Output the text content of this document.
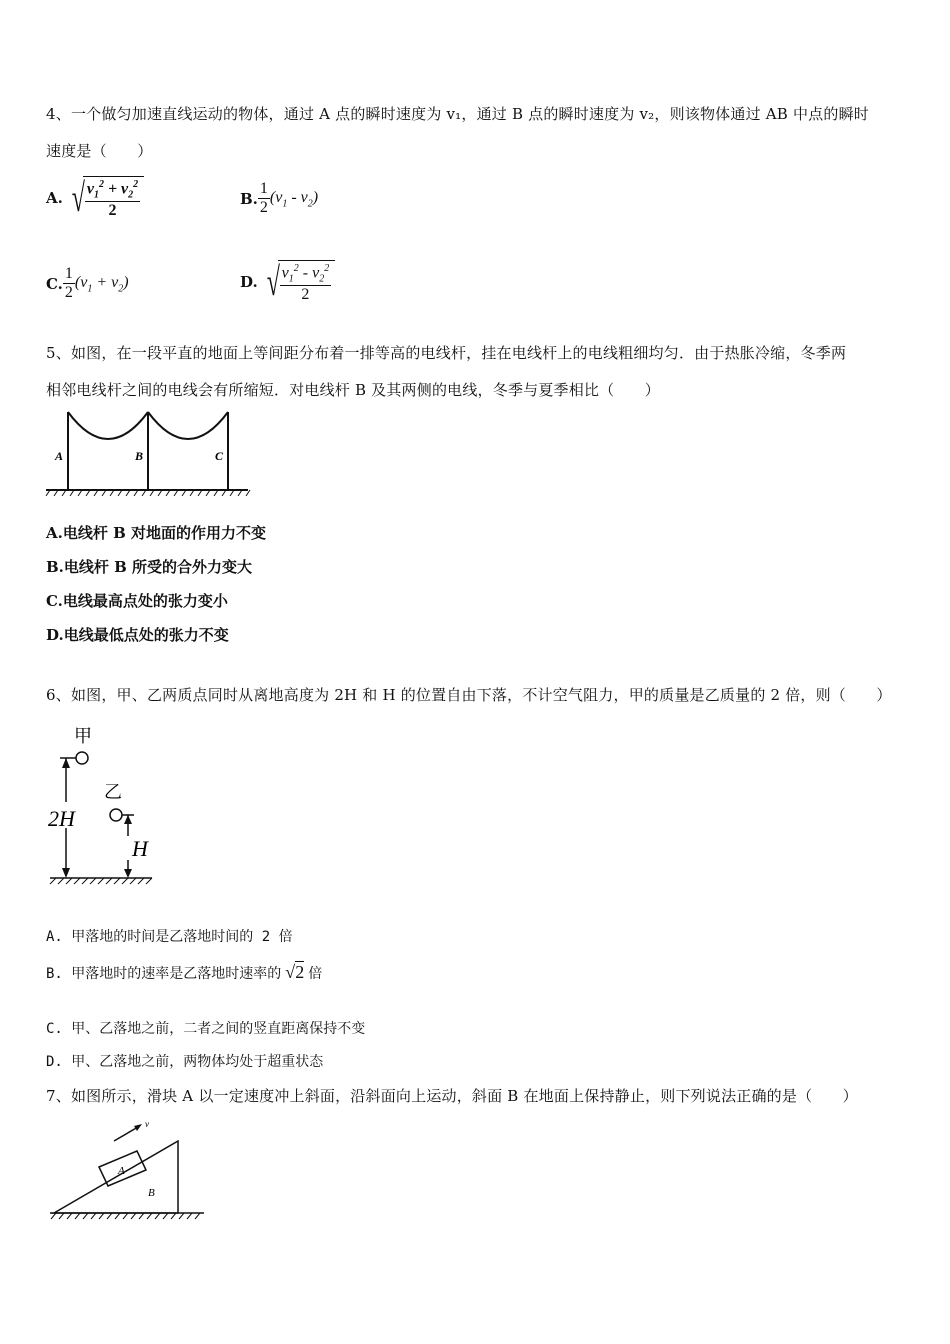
4、一个做匀加速直线运动的物体，通过 A 点的瞬时速度为 v₁，通过 B 点的瞬时速度为 v₂，则该物体通过 AB 中点的瞬时
速度是（　　）
A. √ $\frac{v_1^2 + v_2^2}{2}$	B. $\frac{1}{2} (v_1 - v_2)$
C. $\frac{1}{2} (v_1 + v_2)$	D. √ $\frac{v_1^2 - v_2^2}{2}$
5、如图，在一段平直的地面上等间距分布着一排等高的电线杆，挂在电线杆上的电线粗细均匀．由于热胀冷缩，冬季两
相邻电线杆之间的电线会有所缩短．对电线杆 B 及其两侧的电线，冬季与夏季相比（　　）
A	B	C
A.电线杆 B 对地面的作用力不变
B.电线杆 B 所受的合外力变大
C.电线最高点处的张力变小
D.电线最低点处的张力不变
6、如图，甲、乙两质点同时从离地高度为 2H 和 H 的位置自由下落，不计空气阻力，甲的质量是乙质量的 2 倍，则（　　）
甲
乙
2H
H
A. 甲落地的时间是乙落地时间的 2 倍
B. 甲落地时的速率是乙落地时速率的 √2 倍
C. 甲、乙落地之前，二者之间的竖直距离保持不变
D. 甲、乙落地之前，两物体均处于超重状态
7、如图所示，滑块 A 以一定速度冲上斜面，沿斜面向上运动，斜面 B 在地面上保持静止，则下列说法正确的是（　　）
A
B
v
